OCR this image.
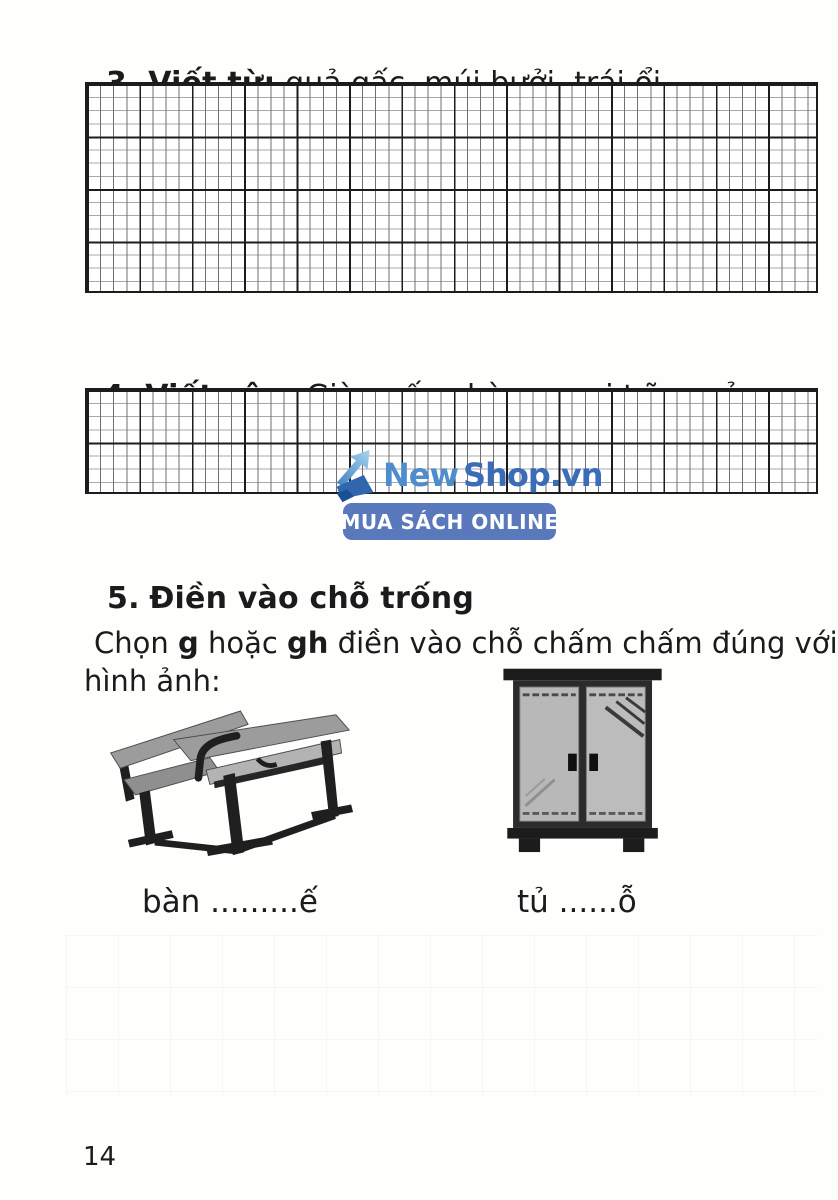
New Shop.vn
MUA SÁCH ONLINE

5. Điền vào chỗ trống

Chọn g hoặc gh điền vào chỗ chấm chấm đúng với

hình ảnh:

bàn .........ế	tủ ......ỗ

14
